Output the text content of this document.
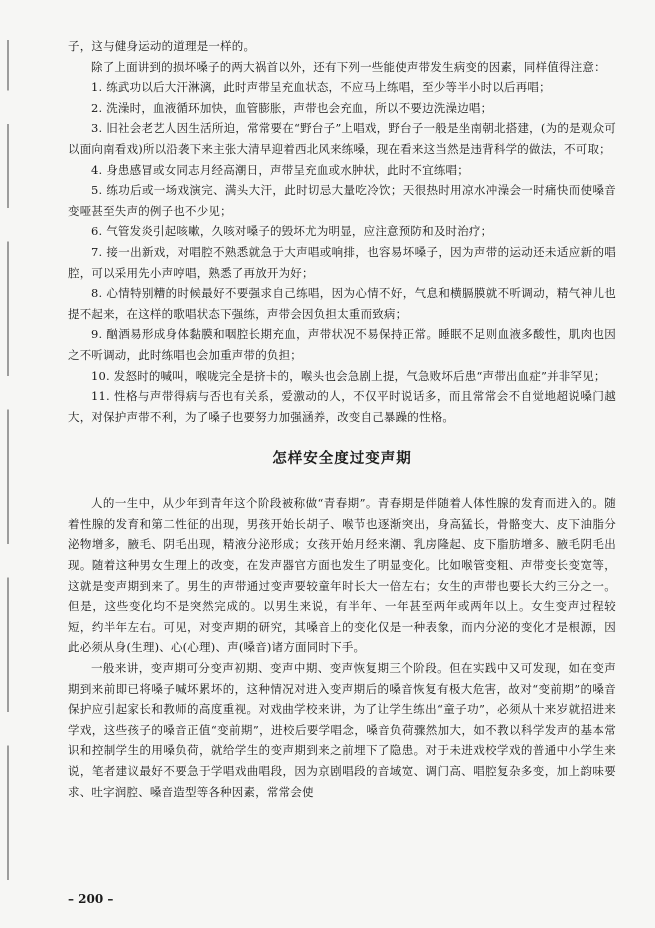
子，这与健身运动的道理是一样的。

除了上面讲到的损坏嗓子的两大祸首以外，还有下列一些能使声带发生病变的因素，同样值得注意：

1. 练武功以后大汗淋漓，此时声带呈充血状态，不应马上练唱，至少等半小时以后再唱；

2. 洗澡时，血液循环加快，血管膨胀，声带也会充血，所以不要边洗澡边唱；

3. 旧社会老艺人因生活所迫，常常要在“野台子”上唱戏，野台子一般是坐南朝北搭建，(为的是观众可以面向南看戏)所以沿袭下来主张大清早迎着西北风来练嗓，现在看来这当然是违背科学的做法，不可取；

4. 身患感冒或女同志月经高潮日，声带呈充血或水肿状，此时不宜练唱；

5. 练功后或一场戏演完、满头大汗，此时切忌大量吃冷饮；天很热时用凉水冲澡会一时痛快而使嗓音变哑甚至失声的例子也不少见；

6. 气管发炎引起咳嗽，久咳对嗓子的毁坏尤为明显，应注意预防和及时治疗；

7. 接一出新戏，对唱腔不熟悉就急于大声唱或响排，也容易坏嗓子，因为声带的运动还未适应新的唱腔，可以采用先小声哼唱，熟悉了再放开为好；

8. 心情特别糟的时候最好不要强求自己练唱，因为心情不好，气息和横膈膜就不听调动，精气神儿也提不起来，在这样的歌唱状态下强练，声带会因负担太重而致病；

9. 酗酒易形成身体黏膜和咽腔长期充血，声带状况不易保持正常。睡眠不足则血液多酸性，肌肉也因之不听调动，此时练唱也会加重声带的负担；

10. 发怒时的喊叫，喉咙完全是挤卡的，喉头也会急剧上提，气急败坏后患“声带出血症”并非罕见；

11. 性格与声带得病与否也有关系，爱激动的人，不仅平时说话多，而且常常会不自觉地超说嗓门越大，对保护声带不利，为了嗓子也要努力加强涵养，改变自己暴躁的性格。

怎样安全度过变声期

人的一生中，从少年到青年这个阶段被称做“青春期”。青春期是伴随着人体性腺的发育而进入的。随着性腺的发育和第二性征的出现，男孩开始长胡子、喉节也逐渐突出，身高猛长，骨骼变大、皮下油脂分泌物增多，腋毛、阴毛出现，精液分泌形成；女孩开始月经来潮、乳房隆起、皮下脂肪增多、腋毛阴毛出现。随着这种男女生理上的改变，在发声器官方面也发生了明显变化。比如喉管变粗、声带变长变宽等，这就是变声期到来了。男生的声带通过变声要较童年时长大一倍左右；女生的声带也要长大约三分之一。但是，这些变化均不是突然完成的。以男生来说，有半年、一年甚至两年或两年以上。女生变声过程较短，约半年左右。可见，对变声期的研究，其嗓音上的变化仅是一种表象，而内分泌的变化才是根源，因此必须从身(生理)、心(心理)、声(嗓音)诸方面同时下手。

一般来讲，变声期可分变声初期、变声中期、变声恢复期三个阶段。但在实践中又可发现，如在变声期到来前即已将嗓子喊坏累坏的，这种情况对进入变声期后的嗓音恢复有极大危害，故对“变前期”的嗓音保护应引起家长和教师的高度重视。对戏曲学校来讲，为了让学生练出“童子功”，必须从十来岁就招进来学戏，这些孩子的嗓音正值“变前期”，进校后要学唱念，嗓音负荷骤然加大，如不教以科学发声的基本常识和控制学生的用嗓负荷，就给学生的变声期到来之前埋下了隐患。对于未进戏校学戏的普通中小学生来说，笔者建议最好不要急于学唱戏曲唱段，因为京剧唱段的音域宽、调门高、唱腔复杂多变，加上韵味要求、吐字润腔、嗓音造型等各种因素，常常会使

– 200 –
